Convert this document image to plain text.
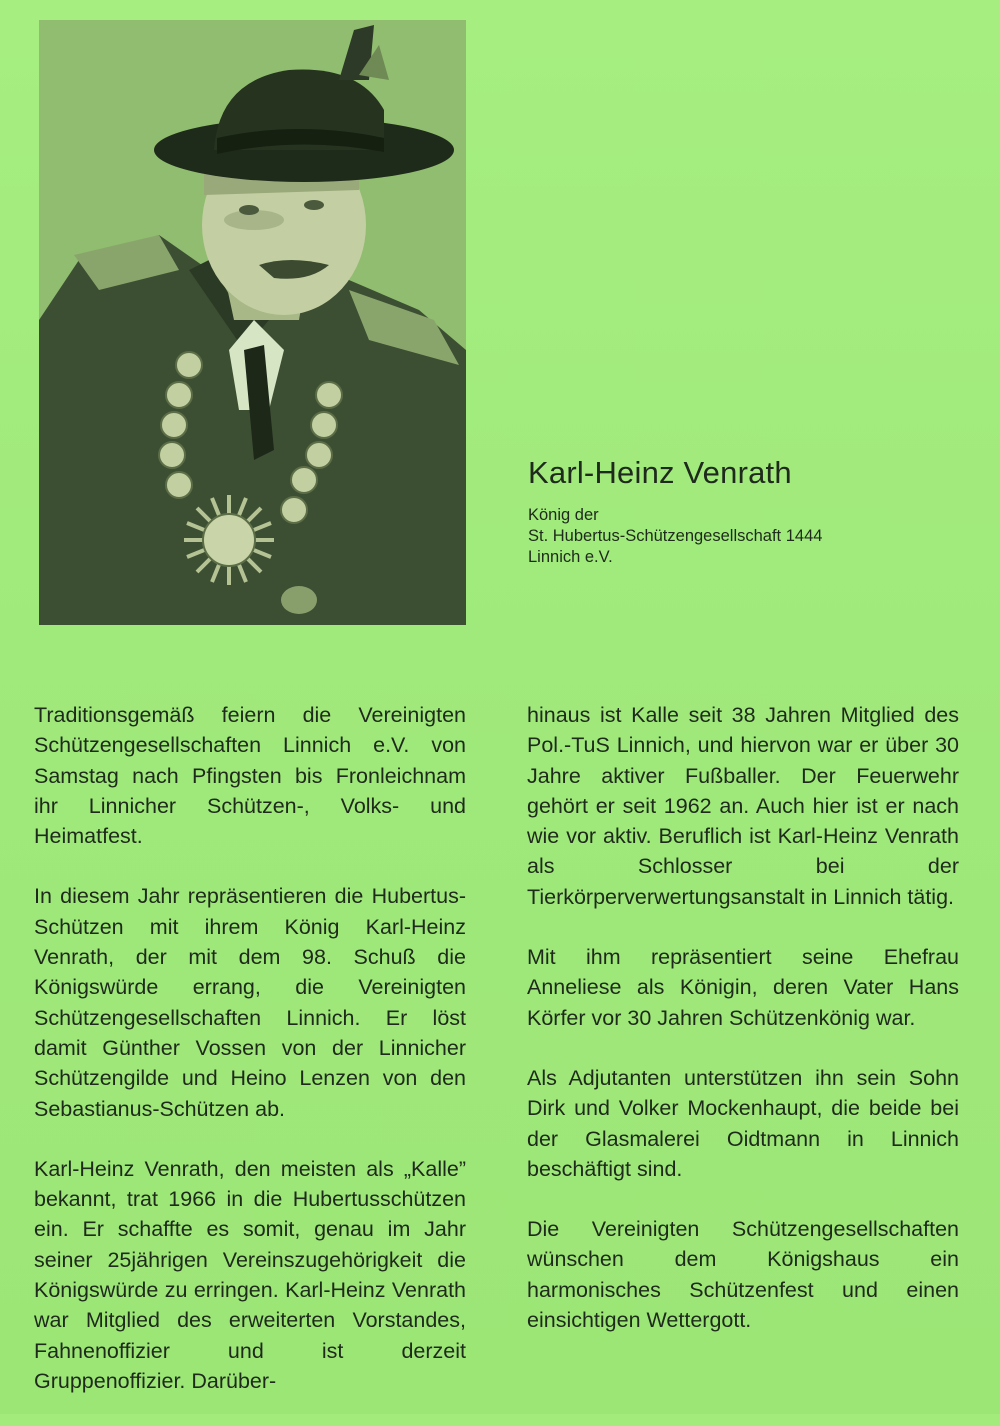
Karl-Heinz Venrath
König der
St. Hubertus-Schützengesellschaft 1444
Linnich e.V.

Traditionsgemäß feiern die Vereinigten Schützengesellschaften Linnich e.V. von Samstag nach Pfingsten bis Fronleichnam ihr Linnicher Schützen-, Volks- und Heimatfest.

In diesem Jahr repräsentieren die Hubertus-Schützen mit ihrem König Karl-Heinz Venrath, der mit dem 98. Schuß die Königswürde errang, die Vereinigten Schützengesellschaften Linnich. Er löst damit Günther Vossen von der Linnicher Schützengilde und Heino Lenzen von den Sebastianus-Schützen ab.

Karl-Heinz Venrath, den meisten als „Kalle” bekannt, trat 1966 in die Hubertusschützen ein. Er schaffte es somit, genau im Jahr seiner 25jährigen Vereinszugehörigkeit die Königswürde zu erringen. Karl-Heinz Venrath war Mitglied des erweiterten Vorstandes, Fahnenoffizier und ist derzeit Gruppenoffizier. Darüber-

hinaus ist Kalle seit 38 Jahren Mitglied des Pol.-TuS Linnich, und hiervon war er über 30 Jahre aktiver Fußballer. Der Feuerwehr gehört er seit 1962 an. Auch hier ist er nach wie vor aktiv. Beruflich ist Karl-Heinz Venrath als Schlosser bei der Tierkörperverwertungsanstalt in Linnich tätig.

Mit ihm repräsentiert seine Ehefrau Anneliese als Königin, deren Vater Hans Körfer vor 30 Jahren Schützenkönig war.

Als Adjutanten unterstützen ihn sein Sohn Dirk und Volker Mockenhaupt, die beide bei der Glasmalerei Oidtmann in Linnich beschäftigt sind.

Die Vereinigten Schützengesellschaften wünschen dem Königshaus ein harmonisches Schützenfest und einen einsichtigen Wettergott.
